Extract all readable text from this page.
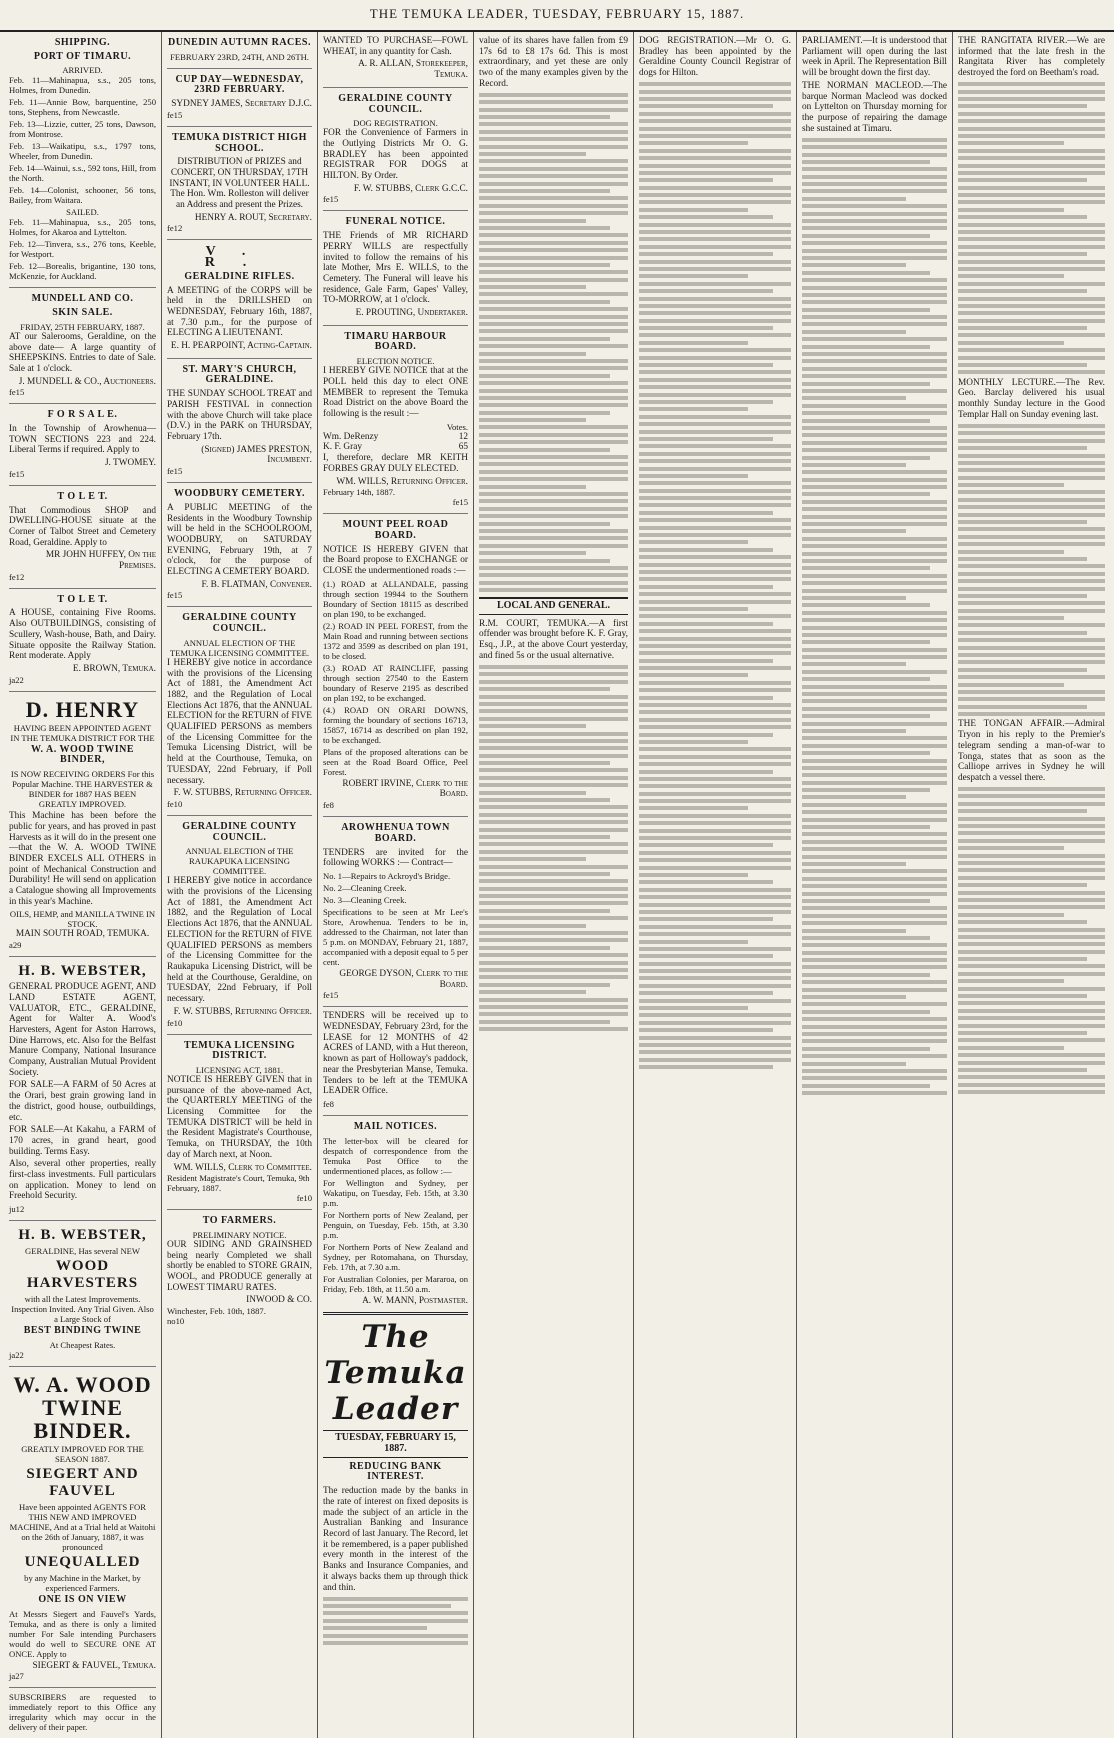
THE TEMUKA LEADER, TUESDAY, FEBRUARY 15, 1887.
SHIPPING.
PORT OF TIMARU.
ARRIVED.
Feb. 11—Mahinapua, s.s., 205 tons, Holmes, from Dunedin.
Feb. 11—Annie Bow, barquentine, 250 tons, Stephens, from Newcastle.
Feb. 13—Lizzie, cutter, 25 tons, Dawson, from Montrose.
Feb. 13—Waikatipu, s.s., 1797 tons, Wheeler, from Dunedin.
Feb. 14—Wainui, s.s., 592 tons, Hill, from the North.
Feb. 14—Colonist, schooner, 56 tons, Bailey, from Waitara.
SAILED.
Feb. 11—Mahinapua, s.s., 205 tons, Holmes, for Akaroa and Lyttelton.
Feb. 12—Tinvera, s.s., 276 tons, Keeble, for Westport.
Feb. 12—Borealis, brigantine, 130 tons, McKenzie, for Auckland.
MUNDELL AND CO.
SKIN SALE.
FRIDAY, 25TH FEBRUARY, 1887.
AT our Salerooms, Geraldine, on the above date— A large quantity of SHEEPSKINS. Entries to date of Sale. Sale at 1 o'clock.
J. MUNDELL & CO., Auctioneers.
fe15
F O R S A L E.
In the Township of Arowhenua—TOWN SECTIONS 223 and 224. Liberal Terms if required. Apply to
J. TWOMEY.
fe15
T O L E T.
That Commodious SHOP and DWELLING-HOUSE situate at the Corner of Talbot Street and Cemetery Road, Geraldine. Apply to
MR JOHN HUFFEY, On the Premises.
fe12
T O L E T.
A HOUSE, containing Five Rooms. Also OUTBUILDINGS, consisting of Scullery, Wash-house, Bath, and Dairy. Situate opposite the Railway Station. Rent moderate. Apply
E. BROWN, Temuka.
ja22
D. HENRY
HAVING BEEN APPOINTED AGENT IN THE TEMUKA DISTRICT FOR THE
W. A. WOOD TWINE BINDER,
IS NOW RECEIVING ORDERS For this Popular Machine. THE HARVESTER & BINDER for 1887 HAS BEEN GREATLY IMPROVED.
This Machine has been before the public for years, and has proved in past Harvests as it will do in the present one —that the W. A. WOOD TWINE BINDER EXCELS ALL OTHERS in point of Mechanical Construction and Durability! He will send on application a Catalogue showing all Improvements in this year's Machine.
OILS, HEMP, and MANILLA TWINE IN STOCK.
MAIN SOUTH ROAD, TEMUKA.
a29
H. B. WEBSTER,
GENERAL PRODUCE AGENT, AND LAND ESTATE AGENT, VALUATOR, ETC., GERALDINE, Agent for Walter A. Wood's Harvesters, Agent for Aston Harrows, Dine Harrows, etc. Also for the Belfast Manure Company, National Insurance Company, Australian Mutual Provident Society.
FOR SALE—A FARM of 50 Acres at the Orari, best grain growing land in the district, good house, outbuildings, etc.
FOR SALE—At Kakahu, a FARM of 170 acres, in grand heart, good building. Terms Easy.
Also, several other properties, really first-class investments. Full particulars on application. Money to lend on Freehold Security.
ju12
H. B. WEBSTER,
GERALDINE, Has several NEW
WOOD HARVESTERS
with all the Latest Improvements. Inspection Invited. Any Trial Given. Also a Large Stock of
BEST BINDING TWINE
At Cheapest Rates.
ja22
W. A. WOOD TWINE BINDER.
GREATLY IMPROVED FOR THE SEASON 1887.
SIEGERT AND FAUVEL
Have been appointed AGENTS FOR THIS NEW AND IMPROVED MACHINE, And at a Trial held at Waitohi on the 26th of January, 1887, it was pronounced
UNEQUALLED
by any Machine in the Market, by experienced Farmers.
ONE IS ON VIEW
At Messrs Siegert and Fauvel's Yards, Temuka, and as there is only a limited number For Sale intending Purchasers would do well to SECURE ONE AT ONCE. Apply to
SIEGERT & FAUVEL, Temuka.
ja27
SUBSCRIBERS are requested to immediately report to this Office any irregularity which may occur in the delivery of their paper.
DUNEDIN AUTUMN RACES.
FEBRUARY 23RD, 24TH, AND 26TH.
CUP DAY—WEDNESDAY, 23RD FEBRUARY.
SYDNEY JAMES, Secretary D.J.C.
fe15
TEMUKA DISTRICT HIGH SCHOOL.
DISTRIBUTION of PRIZES and CONCERT, ON THURSDAY, 17TH INSTANT, IN VOLUNTEER HALL. The Hon. Wm. Rolleston will deliver an Address and present the Prizes.
HENRY A. ROUT, Secretary.
fe12
V. R.
GERALDINE RIFLES.
A MEETING of the CORPS will be held in the DRILLSHED on WEDNESDAY, February 16th, 1887, at 7.30 p.m., for the purpose of ELECTING A LIEUTENANT.
E. H. PEARPOINT, Acting-Captain.
ST. MARY'S CHURCH, GERALDINE.
THE SUNDAY SCHOOL TREAT and PARISH FESTIVAL in connection with the above Church will take place (D.V.) in the PARK on THURSDAY, February 17th.
(Signed) JAMES PRESTON, Incumbent.
fe15
WOODBURY CEMETERY.
A PUBLIC MEETING of the Residents in the Woodbury Township will be held in the SCHOOLROOM, WOODBURY, on SATURDAY EVENING, February 19th, at 7 o'clock, for the purpose of ELECTING A CEMETERY BOARD.
F. B. FLATMAN, Convener.
fe15
GERALDINE COUNTY COUNCIL.
ANNUAL ELECTION OF THE TEMUKA LICENSING COMMITTEE.
I HEREBY give notice in accordance with the provisions of the Licensing Act of 1881, the Amendment Act 1882, and the Regulation of Local Elections Act 1876, that the ANNUAL ELECTION for the RETURN of FIVE QUALIFIED PERSONS as members of the Licensing Committee for the Temuka Licensing District, will be held at the Courthouse, Temuka, on TUESDAY, 22nd February, if Poll necessary.
F. W. STUBBS, Returning Officer.
fe10
GERALDINE COUNTY COUNCIL.
ANNUAL ELECTION of THE RAUKAPUKA LICENSING COMMITTEE.
I HEREBY give notice in accordance with the provisions of the Licensing Act of 1881, the Amendment Act 1882, and the Regulation of Local Elections Act 1876, that the ANNUAL ELECTION for the RETURN of FIVE QUALIFIED PERSONS as members of the Licensing Committee for the Raukapuka Licensing District, will be held at the Courthouse, Geraldine, on TUESDAY, 22nd February, if Poll necessary.
F. W. STUBBS, Returning Officer.
fe10
TEMUKA LICENSING DISTRICT.
LICENSING ACT, 1881.
NOTICE IS HEREBY GIVEN that in pursuance of the above-named Act, the QUARTERLY MEETING of the Licensing Committee for the TEMUKA DISTRICT will be held in the Resident Magistrate's Courthouse, Temuka, on THURSDAY, the 10th day of March next, at Noon.
WM. WILLS, Clerk to Committee.
Resident Magistrate's Court, Temuka, 9th February, 1887.
fe10
TO FARMERS.
PRELIMINARY NOTICE.
OUR SIDING AND GRAINSHED being nearly Completed we shall shortly be enabled to STORE GRAIN, WOOL, and PRODUCE generally at LOWEST TIMARU RATES.
INWOOD & CO.
Winchester, Feb. 10th, 1887.
no10
WANTED TO PURCHASE—FOWL WHEAT, in any quantity for Cash.
A. R. ALLAN, Storekeeper, Temuka.
GERALDINE COUNTY COUNCIL.
DOG REGISTRATION.
FOR the Convenience of Farmers in the Outlying Districts Mr O. G. BRADLEY has been appointed REGISTRAR FOR DOGS at HILTON. By Order.
F. W. STUBBS, Clerk G.C.C.
fe15
FUNERAL NOTICE.
THE Friends of MR RICHARD PERRY WILLS are respectfully invited to follow the remains of his late Mother, Mrs E. WILLS, to the Cemetery. The Funeral will leave his residence, Gale Farm, Gapes' Valley, TO-MORROW, at 1 o'clock.
E. PROUTING, Undertaker.
TIMARU HARBOUR BOARD.
ELECTION NOTICE.
I HEREBY GIVE NOTICE that at the POLL held this day to elect ONE MEMBER to represent the Temuka Road District on the above Board the following is the result :—
Votes.
Wm. DeRenzy	12
K. F. Gray	65
I, therefore, declare MR KEITH FORBES GRAY DULY ELECTED.
WM. WILLS, Returning Officer.
February 14th, 1887.
fe15
MOUNT PEEL ROAD BOARD.
NOTICE IS HEREBY GIVEN that the Board propose to EXCHANGE or CLOSE the undermentioned roads :—
(1.) ROAD at ALLANDALE, passing through section 19944 to the Southern Boundary of Section 18115 as described on plan 190, to be exchanged.
(2.) ROAD IN PEEL FOREST, from the Main Road and running between sections 1372 and 3599 as described on plan 191, to be closed.
(3.) ROAD AT RAINCLIFF, passing through section 27540 to the Eastern boundary of Reserve 2195 as described on plan 192, to be exchanged.
(4.) ROAD ON ORARI DOWNS, forming the boundary of sections 16713, 15857, 16714 as described on plan 192, to be exchanged.
Plans of the proposed alterations can be seen at the Road Board Office, Peel Forest.
ROBERT IRVINE, Clerk to the Board.
fe8
AROWHENUA TOWN BOARD.
TENDERS are invited for the following WORKS :— Contract—
No. 1—Repairs to Ackroyd's Bridge.
No. 2—Cleaning Creek.
No. 3—Cleaning Creek.
Specifications to be seen at Mr Lee's Store, Arowhenua. Tenders to be in, addressed to the Chairman, not later than 5 p.m. on MONDAY, February 21, 1887, accompanied with a deposit equal to 5 per cent.
GEORGE DYSON, Clerk to the Board.
fe15
TENDERS will be received up to WEDNESDAY, February 23rd, for the LEASE for 12 MONTHS of 42 ACRES of LAND, with a Hut thereon, known as part of Holloway's paddock, near the Presbyterian Manse, Temuka. Tenders to be left at the TEMUKA LEADER Office.
fe8
MAIL NOTICES.
The letter-box will be cleared for despatch of correspondence from the Temuka Post Office to the undermentioned places, as follow :—
For Wellington and Sydney, per Wakatipu, on Tuesday, Feb. 15th, at 3.30 p.m.
For Northern ports of New Zealand, per Penguin, on Tuesday, Feb. 15th, at 3.30 p.m.
For Northern Ports of New Zealand and Sydney, per Rotomahana, on Thursday, Feb. 17th, at 7.30 a.m.
For Australian Colonies, per Mararoa, on Friday, Feb. 18th, at 11.50 a.m.
A. W. MANN, Postmaster.
The Temuka Leader
TUESDAY, FEBRUARY 15, 1887.
REDUCING BANK INTEREST.
The reduction made by the banks in the rate of interest on fixed deposits is made the subject of an article in the Australian Banking and Insurance Record of last January. The Record, let it be remembered, is a paper published every month in the interest of the Banks and Insurance Companies, and it always backs them up through thick and thin.
value of its shares have fallen from £9 17s 6d to £8 17s 6d. This is most extraordinary, and yet these are only two of the many examples given by the Record.
LOCAL AND GENERAL.
R.M. COURT, TEMUKA.—A first offender was brought before K. F. Gray, Esq., J.P., at the above Court yesterday, and fined 5s or the usual alternative.
DOG REGISTRATION.—Mr O. G. Bradley has been appointed by the Geraldine County Council Registrar of dogs for Hilton.
PARLIAMENT.—It is understood that Parliament will open during the last week in April. The Representation Bill will be brought down the first day.
THE NORMAN MACLEOD.—The barque Norman Macleod was docked on Lyttelton on Thursday morning for the purpose of repairing the damage she sustained at Timaru.
THE RANGITATA RIVER.—We are informed that the late fresh in the Rangitata River has completely destroyed the ford on Beetham's road.
MONTHLY LECTURE.—The Rev. Geo. Barclay delivered his usual monthly Sunday lecture in the Good Templar Hall on Sunday evening last.
THE TONGAN AFFAIR.—Admiral Tryon in his reply to the Premier's telegram sending a man-of-war to Tonga, states that as soon as the Calliope arrives in Sydney he will despatch a vessel there.
